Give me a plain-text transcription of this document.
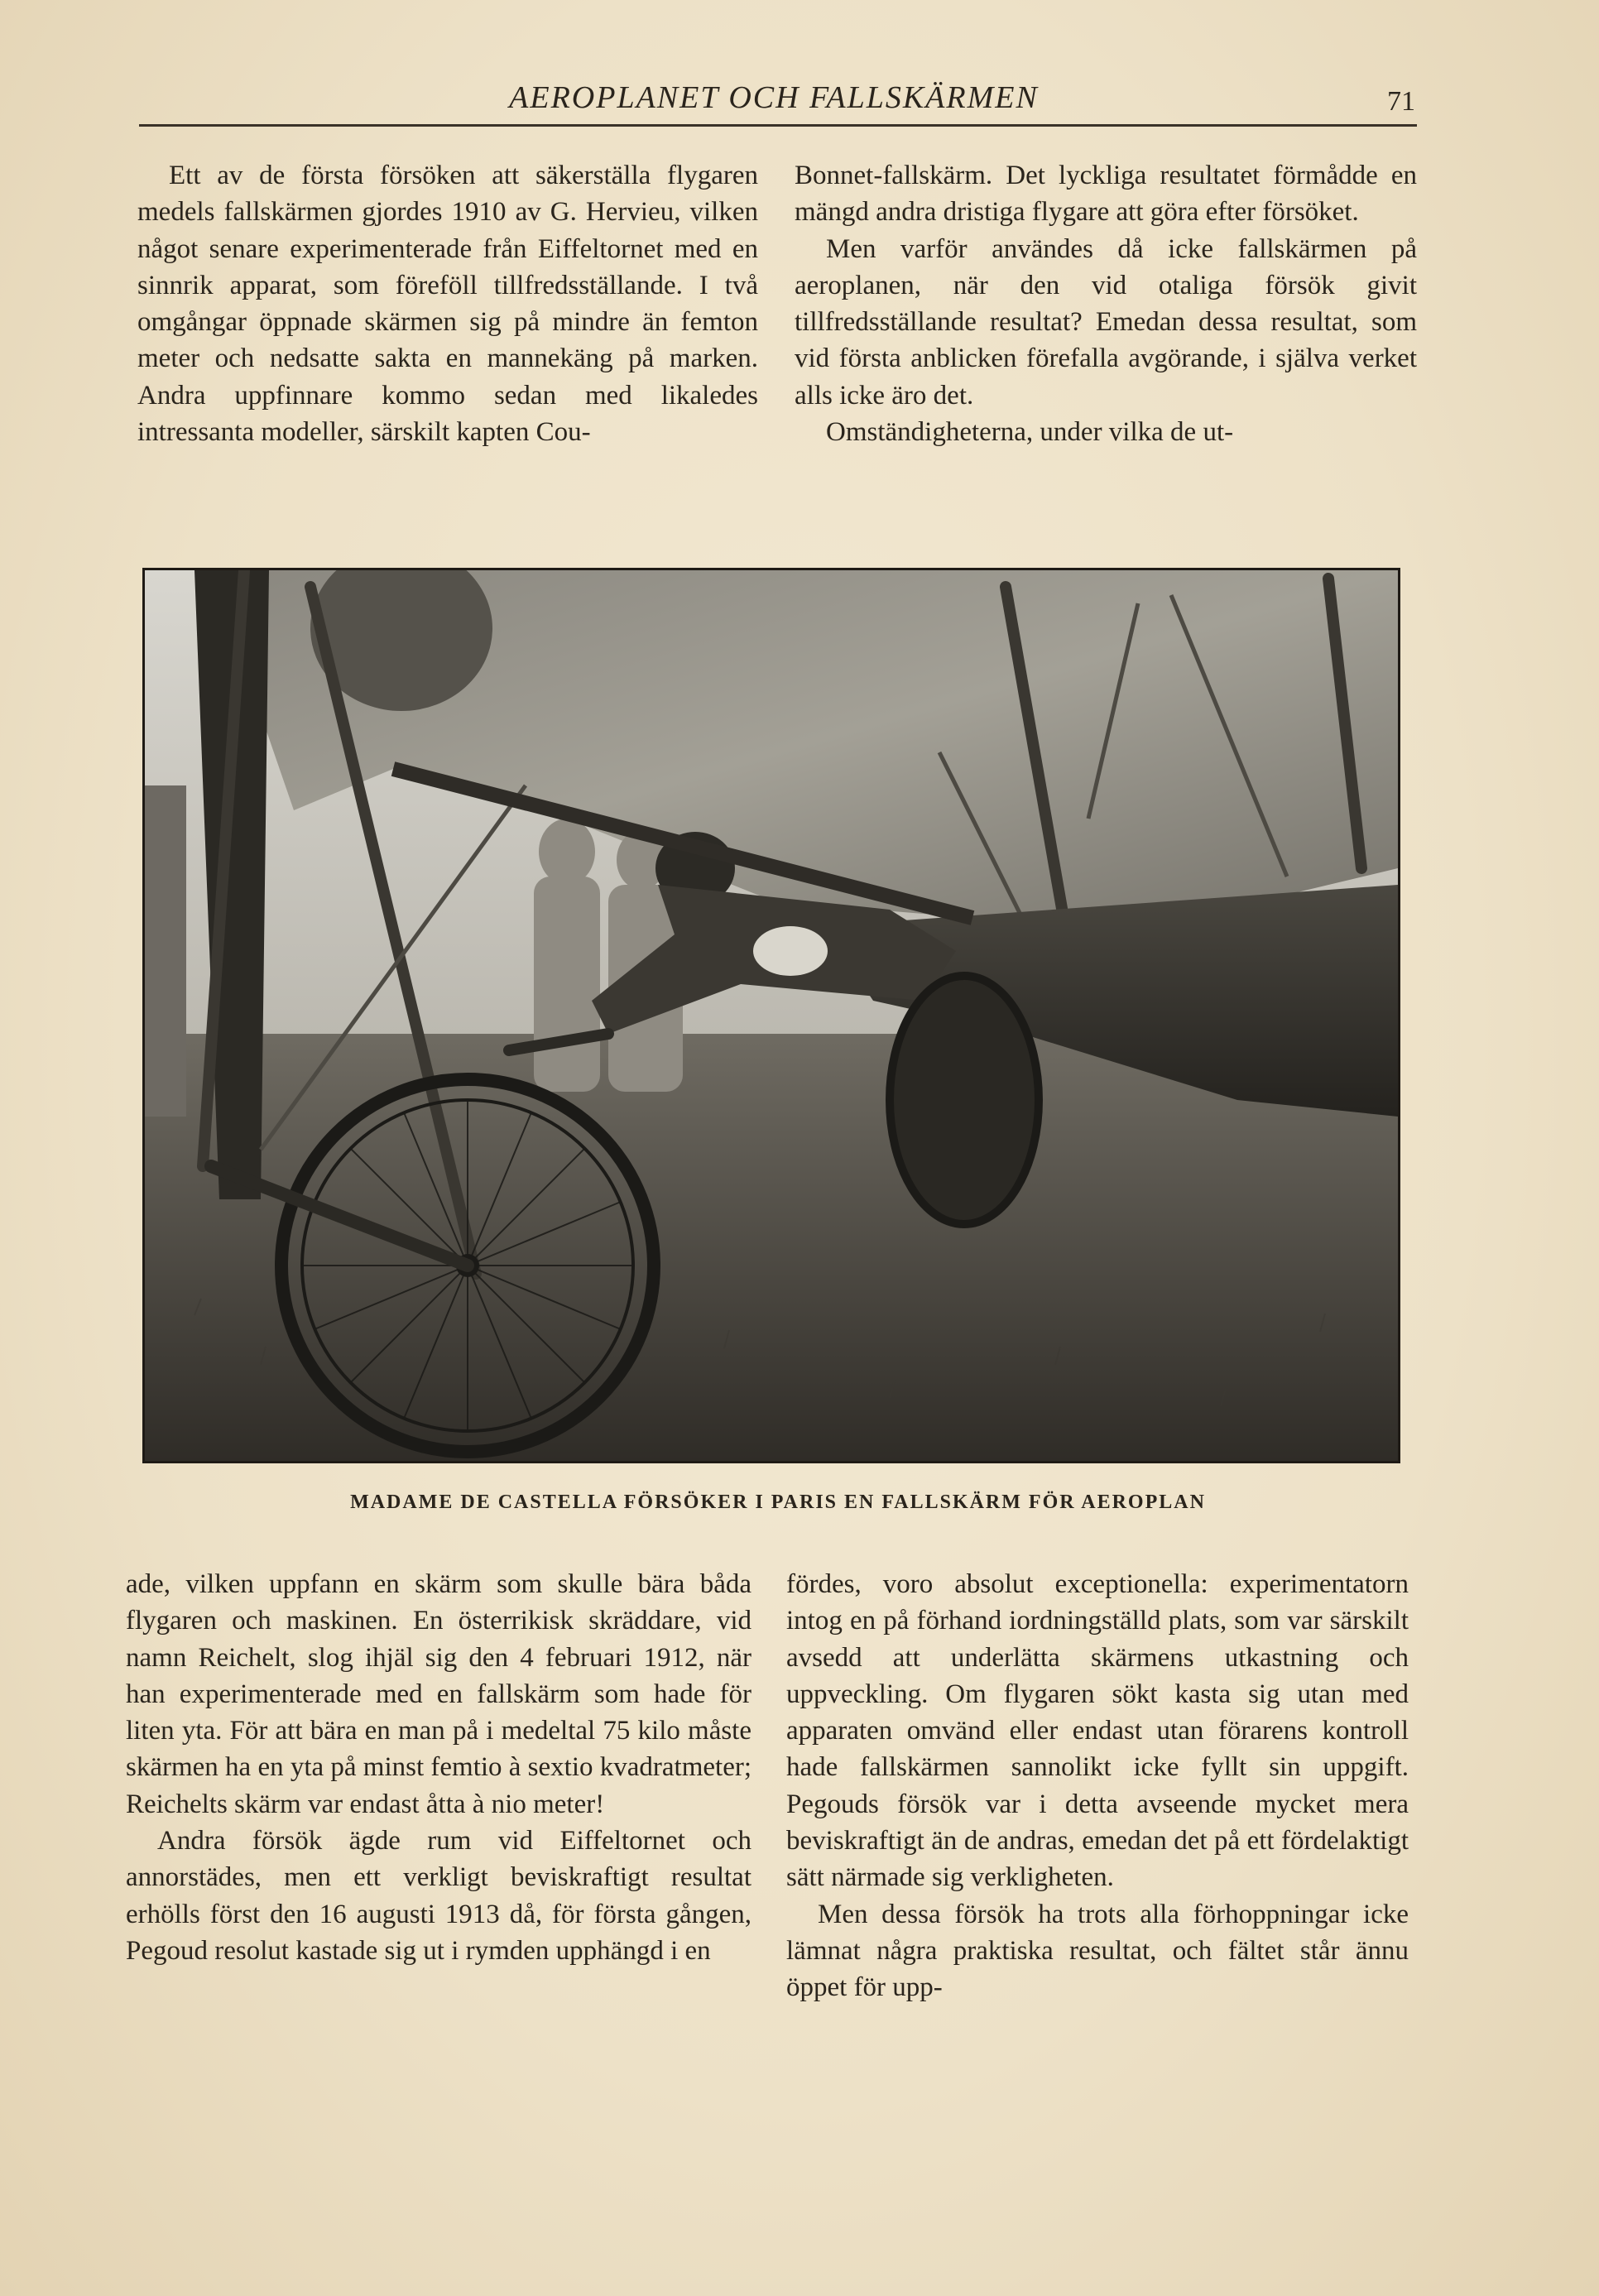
AEROPLANET OCH FALLSKÄRMEN	71

Ett av de första försöken att säkerställa flygaren medels fallskärmen gjordes 1910 av G. Hervieu, vilken något senare experimenterade från Eiffeltornet med en sinnrik apparat, som föreföll tillfredsställande. I två omgångar öppnade skärmen sig på mindre än femton meter och nedsatte sakta en mannekäng på marken. Andra uppfinnare kommo sedan med likaledes intressanta modeller, särskilt kapten Cou-

Bonnet-fallskärm. Det lyckliga resultatet förmådde en mängd andra dristiga flygare att göra efter försöket.

Men varför användes då icke fallskärmen på aeroplanen, när den vid otaliga försök givit tillfredsställande resultat? Emedan dessa resultat, som vid första anblicken förefalla avgörande, i själva verket alls icke äro det.

Omständigheterna, under vilka de ut-

MADAME DE CASTELLA FÖRSÖKER I PARIS EN FALLSKÄRM FÖR AEROPLAN

ade, vilken uppfann en skärm som skulle bära båda flygaren och maskinen. En österrikisk skräddare, vid namn Reichelt, slog ihjäl sig den 4 februari 1912, när han experimenterade med en fallskärm som hade för liten yta. För att bära en man på i medeltal 75 kilo måste skärmen ha en yta på minst femtio à sextio kvadratmeter; Reichelts skärm var endast åtta à nio meter!

Andra försök ägde rum vid Eiffeltornet och annorstädes, men ett verkligt beviskraftigt resultat erhölls först den 16 augusti 1913 då, för första gången, Pegoud resolut kastade sig ut i rymden upphängd i en

fördes, voro absolut exceptionella: experimentatorn intog en på förhand iordningställd plats, som var särskilt avsedd att underlätta skärmens utkastning och uppveckling. Om flygaren sökt kasta sig utan med apparaten omvänd eller endast utan förarens kontroll hade fallskärmen sannolikt icke fyllt sin uppgift. Pegouds försök var i detta avseende mycket mera beviskraftigt än de andras, emedan det på ett fördelaktigt sätt närmade sig verkligheten.

Men dessa försök ha trots alla förhoppningar icke lämnat några praktiska resultat, och fältet står ännu öppet för upp-
